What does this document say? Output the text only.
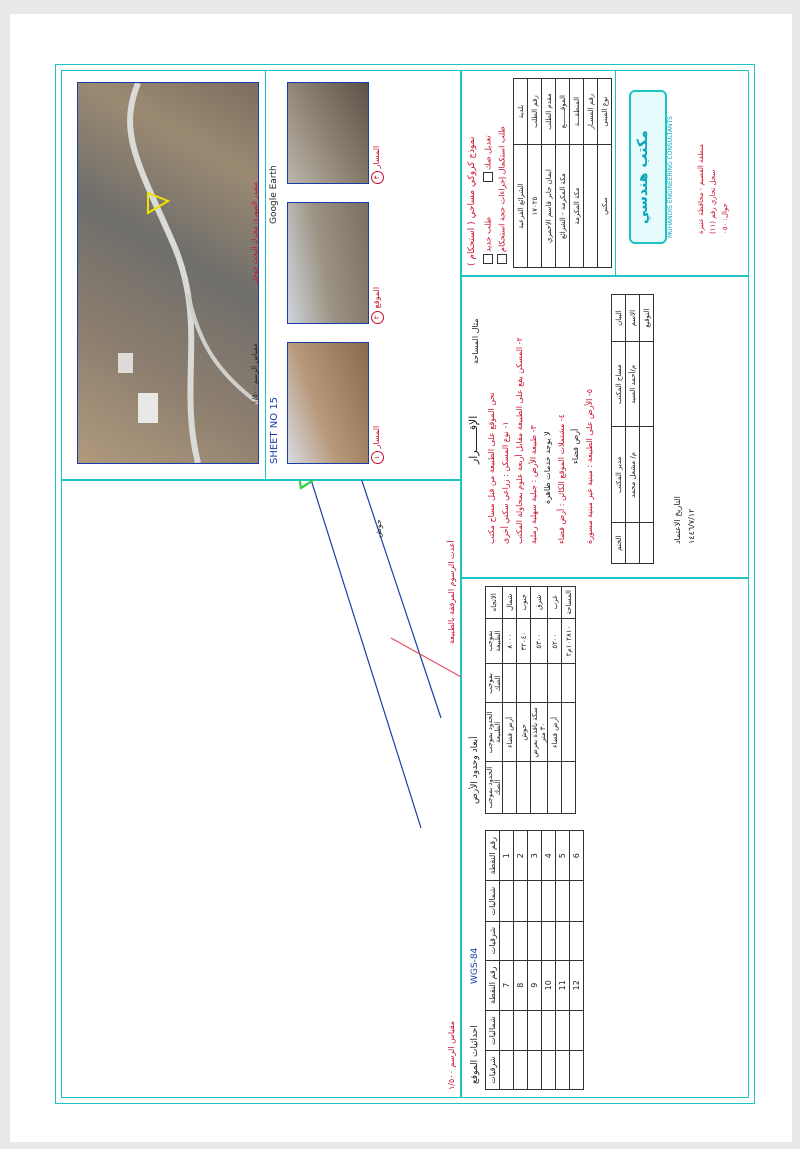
مقياس الرسم ١/٥٠٠
أعدت الرسوم المرفقة بالطبيعة
حوش
SHEET NO 15
Google Earth
١ المسار
٢ الموقع
٣ المسار
مصدر الصورة: محرك البحث جوجل
مقياس الرسم ١/٥٠٠
احداثيات الموقع
WGS-84
شرقيات	شماليات	رقم النقطة	شرقيات	شماليات	رقم النقطة
		7			1
		8			2
		9			3
		10			4
		11			5
		12			6
أبعاد وحدود الأرض الحدود بموجب الصك	الحدود بموجب الطبيعة	بموجب الصك	بموجب الطبيعة	الاتجاه
	أرض فضاء		٨٠٠٠	شمال
	حوش		٣٢٠٤٠	جنوب
	سكة نافذة بعرض ٣٠ متر		٥٣٠٠	شرق
	أرض فضاء		٥٢٠٠	غرب
			١٠٢٨١٠م٢	المساحة
الإقــــــرار
مثال المساحة
نحن الموقع على الطبيعة من قبل مساح مكتب ١- نوع المسكن : زراعي سكني أخرى ٢- المسكن يقع على الطبيعة مقابل أربعة علوم بمحاولة المكتب
٣- طبيعة الأرض : جبلية سهلية رملية
لا يوجد خدمات ظاهرة ٤- مشتملات الموقع الكائن : أرض فضاء
أرض فضاء ٥- الأرض على الطبيعة : مبنية غير مبنية مسورة
الختم	مدير المكتب	مساح المكتب	البيان
	م/ مشعل محمد	م/أحمد السيد	الاسم
			التوقيع
التاريخ الاعتماد ١٤٤٦/٧/١٢
نموذج كروكي مساحي ( استحكام ) طلب جديد
تعديل صك طلب استكمال إجراءات حجة استحكام الشرائع الفرعية	بلدية
١٧٠٢٥	رقم الطلب
ايمان جابر قاسم الاحمري	مقدم الطلب
مكة المكرمة - الشرائع	الموقـــــــع
مكة المكرمة	المنطقـــة
	رقم المسـار
سكني	نوع المبنى
مكتب هندسي	MUHANDIS ENGINEERING CONSULTANTS	منطقة القصيم - محافظة عنيزة سجل تجاري رقم (١١)
جوال: ٠٥٠
